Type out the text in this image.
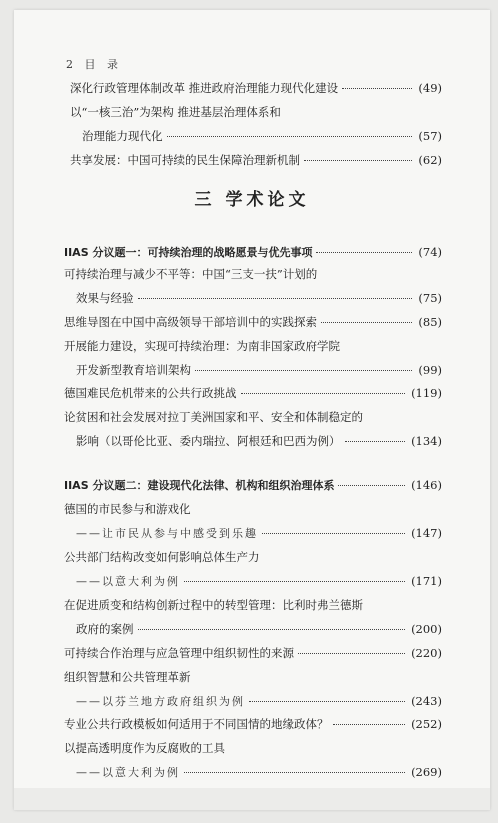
2 目 录
三 学术论文
深化行政管理体制改革 推进政府治理能力现代化建设	(49)
以“一核三治”为架构 推进基层治理体系和
治理能力现代化	(57)
共享发展：中国可持续的民生保障治理新机制	(62)
IIAS 分议题一：可持续治理的战略愿景与优先事项	(74)
可持续治理与减少不平等：中国“三支一扶”计划的
效果与经验	(75)
思维导图在中国中高级领导干部培训中的实践探索	(85)
开展能力建设，实现可持续治理：为南非国家政府学院
开发新型教育培训架构	(99)
德国难民危机带来的公共行政挑战	(119)
论贫困和社会发展对拉丁美洲国家和平、安全和体制稳定的
影响（以哥伦比亚、委内瑞拉、阿根廷和巴西为例）	(134)
IIAS 分议题二：建设现代化法律、机构和组织治理体系	(146)
德国的市民参与和游戏化
——让市民从参与中感受到乐趣	(147)
公共部门结构改变如何影响总体生产力
——以意大利为例	(171)
在促进质变和结构创新过程中的转型管理：比利时弗兰德斯
政府的案例	(200)
可持续合作治理与应急管理中组织韧性的来源	(220)
组织智慧和公共管理革新
——以芬兰地方政府组织为例	(243)
专业公共行政模板如何适用于不同国情的地缘政体？	(252)
以提高透明度作为反腐败的工具
——以意大利为例	(269)
